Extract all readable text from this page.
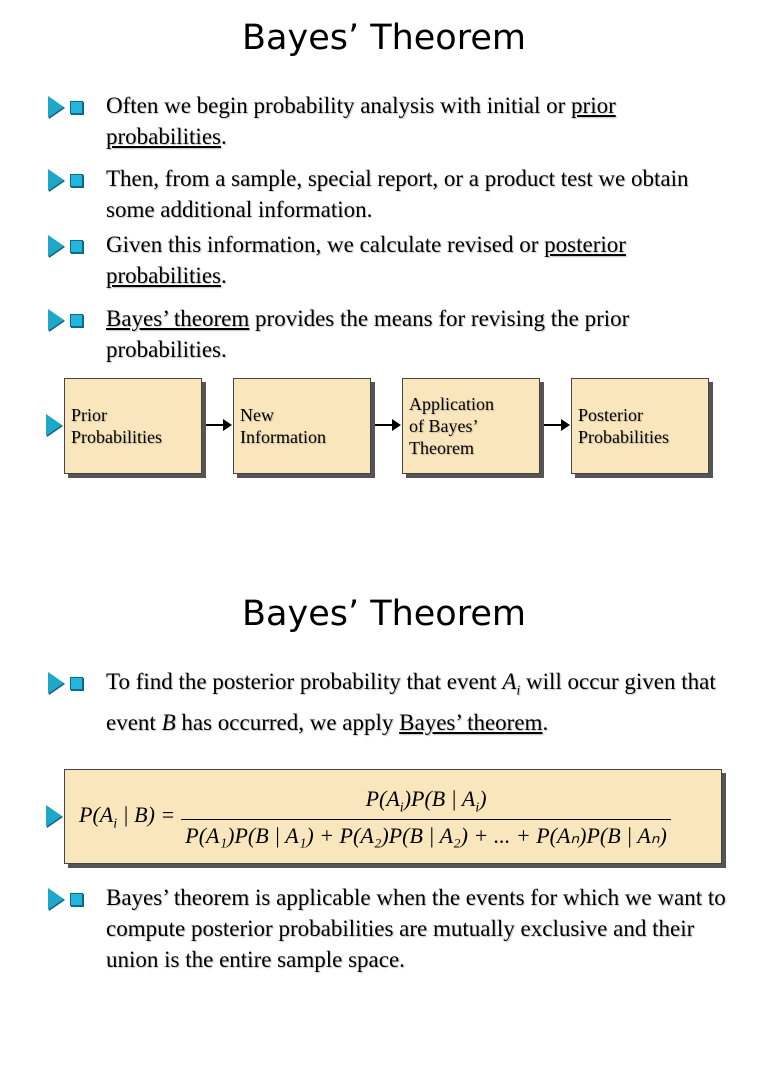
Bayes’ Theorem
Often we begin probability analysis with initial or prior probabilities.
Then, from a sample, special report, or a product test we obtain some additional information.
Given this information, we calculate revised or posterior probabilities.
Bayes’ theorem provides the means for revising the prior probabilities.
Prior
Probabilities
New
Information
Application
of Bayes’
Theorem
Posterior
Probabilities
Bayes’ Theorem
To find the posterior probability that event $A_i$ will occur given that event B has occurred, we apply Bayes’ theorem.
$P(A_i$ | $B) = \frac{P(A_i)P(B | A_i)}{\text{P(A₁)P(B | A₁) + P(A₂)P(B | A₂) + ... + P(Aₙ)P(B | Aₙ)}}$
Bayes’ theorem is applicable when the events for which we want to compute posterior probabilities are mutually exclusive and their union is the entire sample space.
